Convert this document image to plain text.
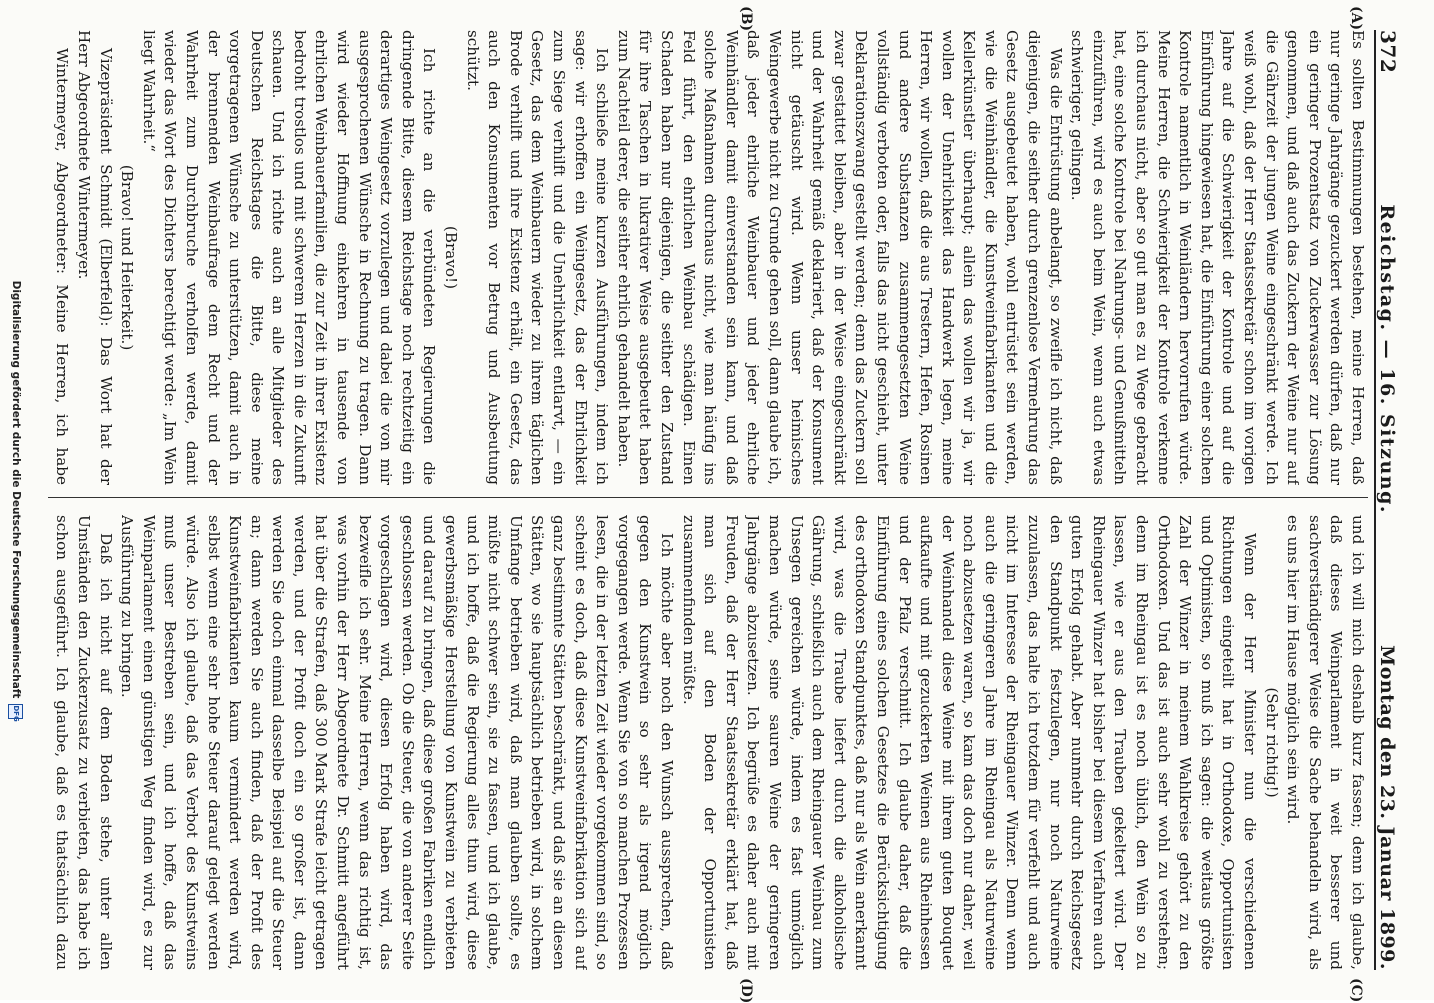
372
Reichstag. — 16. Sitzung.
Montag den 23. Januar 1899.
(A)
(B)
(C)
(D)

Es sollten Bestimmungen bestehen, meine Herren, daß nur geringe Jahrgänge gezuckert werden dürfen, daß nur ein geringer Prozentsatz von Zuckerwasser zur Lösung genommen, und daß auch das Zuckern der Weine nur auf die Gährzeit der jungen Weine eingeschränkt werde. Ich weiß wohl, daß der Herr Staatssekretär schon im vorigen Jahre auf die Schwierigkeit der Kontrole und auf die Einführung hingewiesen hat, die Einführung einer solchen Kontrole namentlich in Weinländern hervorrufen würde. Meine Herren, die Schwierigkeit der Kontrole verkenne ich durchaus nicht, aber so gut man es zu Wege gebracht hat, eine solche Kontrole bei Nahrungs- und Genußmitteln einzuführen, wird es auch beim Wein, wenn auch etwas schwieriger, gelingen.

Was die Entrüstung anbelangt, so zweifle ich nicht, daß diejenigen, die seither durch grenzenlose Vermehrung das Gesetz ausgebeutet haben, wohl entrüstet sein werden, wie die Weinhändler, die Kunstweinfabrikanten und die Kellerkünstler überhaupt; allein das wollen wir ja, wir wollen der Unehrlichkeit das Handwerk legen, meine Herren, wir wollen, daß die aus Trestern, Hefen, Rosinen und andere Substanzen zusammengesetzten Weine vollständig verboten oder, falls das nicht geschieht, unter Deklarationszwang gestellt werden; denn das Zuckern soll zwar gestattet bleiben, aber in der Weise eingeschränkt und der Wahrheit gemäß deklariert, daß der Konsument nicht getäuscht wird. Wenn unser heimisches Weingewerbe nicht zu Grunde gehen soll, dann glaube ich, daß jeder ehrliche Weinbauer und jeder ehrliche Weinhändler damit einverstanden sein kann, und daß solche Maßnahmen durchaus nicht, wie man häufig ins Feld führt, den ehrlichen Weinbau schädigen. Einen Schaden haben nur diejenigen, die seither den Zustand für ihre Taschen in lukrativer Weise ausgebeutet haben zum Nachteil derer, die seither ehrlich gehandelt haben.

Ich schließe meine kurzen Ausführungen, indem ich sage: wir erhoffen ein Weingesetz, das der Ehrlichkeit zum Siege verhilft und die Unehrlichkeit entlarvt, — ein Gesetz, das dem Weinbauern wieder zu ihrem täglichen Brode verhilft und ihre Existenz erhält, ein Gesetz, das auch den Konsumenten vor Betrug und Ausbeutung schützt.

(Bravo!)

Ich richte an die verbündeten Regierungen die dringende Bitte, diesem Reichstage noch rechtzeitig ein derartiges Weingesetz vorzulegen und dabei die von mir ausgesprochenen Wünsche in Rechnung zu tragen. Dann wird wieder Hoffnung einkehren in tausende von ehrlichen Weinbauerfamilien, die zur Zeit in ihrer Existenz bedroht trostlos und mit schwerem Herzen in die Zukunft schauen. Und ich richte auch an alle Mitglieder des Deutschen Reichstages die Bitte, diese meine vorgetragenen Wünsche zu unterstützen, damit auch in der brennenden Weinbaufrage dem Recht und der Wahrheit zum Durchbruche verholfen werde, damit wieder das Wort des Dichters berechtigt werde: „Im Wein liegt Wahrheit.“

(Bravo! und Heiterkeit.)

Vizepräsident Schmidt (Elberfeld): Das Wort hat der Herr Abgeordnete Wintermeyer.

Wintermeyer, Abgeordneter: Meine Herren, ich habe

und ich will mich deshalb kurz fassen; denn ich glaube, daß dieses Weinparlament in weit besserer und sachverständigerer Weise die Sache behandeln wird, als es uns hier im Hause möglich sein wird.

(Sehr richtig!)

Wenn der Herr Minister nun die verschiedenen Richtungen eingeteilt hat in Orthodoxe, Opportunisten und Optimisten, so muß ich sagen: die weitaus größte Zahl der Winzer in meinem Wahlkreise gehört zu den Orthodoxen. Und das ist auch sehr wohl zu verstehen; denn im Rheingau ist es noch üblich, den Wein so zu lassen, wie er aus den Trauben gekeltert wird. Der Rheingauer Winzer hat bisher bei diesem Verfahren auch guten Erfolg gehabt. Aber nunmehr durch Reichsgesetz den Standpunkt festzulegen, nur noch Naturweine zuzulassen, das halte ich trotzdem für verfehlt und auch nicht im Interesse der Rheingauer Winzer. Denn wenn auch die geringeren Jahre im Rheingau als Naturweine noch abzusetzen waren, so kam das doch nur daher, weil der Weinhandel diese Weine mit ihrem guten Bouquet aufkaufte und mit gezuckerten Weinen aus Rheinhessen und der Pfalz verschnitt. Ich glaube daher, daß die Einführung eines solchen Gesetzes die Berücksichtigung des orthodoxen Standpunktes, daß nur als Wein anerkannt wird, was die Traube liefert durch die alkoholische Gährung, schließlich auch dem Rheingauer Weinbau zum Unsegen gereichen würde, indem es fast unmöglich machen würde, seine sauren Weine der geringeren Jahrgänge abzusetzen. Ich begrüße es daher auch mit Freuden, daß der Herr Staatssekretär erklärt hat, daß man sich auf den Boden der Opportunisten zusammenfinden müßte.

Ich möchte aber noch den Wunsch aussprechen, daß gegen den Kunstwein so sehr als irgend möglich vorgegangen werde. Wenn Sie von so manchen Prozessen lesen, die in der letzten Zeit wieder vorgekommen sind, so scheint es doch, daß diese Kunstweinfabrikation sich auf ganz bestimmte Stätten beschränkt, und daß sie an diesen Stätten, wo sie hauptsächlich betrieben wird, in solchem Umfange betrieben wird, daß man glauben sollte, es müßte nicht schwer sein, sie zu fassen, und ich glaube, und ich hoffe, daß die Regierung alles thun wird, diese gewerbsmäßige Herstellung von Kunstwein zu verbieten und darauf zu bringen, daß diese großen Fabriken endlich geschlossen werden. Ob die Steuer, die von anderer Seite vorgeschlagen wird, diesen Erfolg haben wird, das bezweifle ich sehr. Meine Herren, wenn das richtig ist, was vorhin der Herr Abgeordnete Dr. Schmitt angeführt hat über die Strafen, daß 300 Mark Strafe leicht getragen werden, und der Profit doch ein so großer ist, dann werden Sie doch einmal dasselbe Beispiel auf die Steuer an; dann werden Sie auch finden, daß der Profit des Kunstweinfabrikanten kaum vermindert werden wird, selbst wenn eine sehr hohe Steuer darauf gelegt werden würde. Also ich glaube, daß das Verbot des Kunstweins muß unser Bestreben sein, und ich hoffe, daß das Weinparlament einen günstigen Weg finden wird, es zur Ausführung zu bringen.

Daß ich nicht auf dem Boden stehe, unter allen Umständen den Zuckerzusatz zu verbieten, das habe ich schon ausgeführt. Ich glaube, daß es thatsächlich dazu

Digitalisierung gefördert durch die Deutsche Forschungsgemeinschaft
DFG
